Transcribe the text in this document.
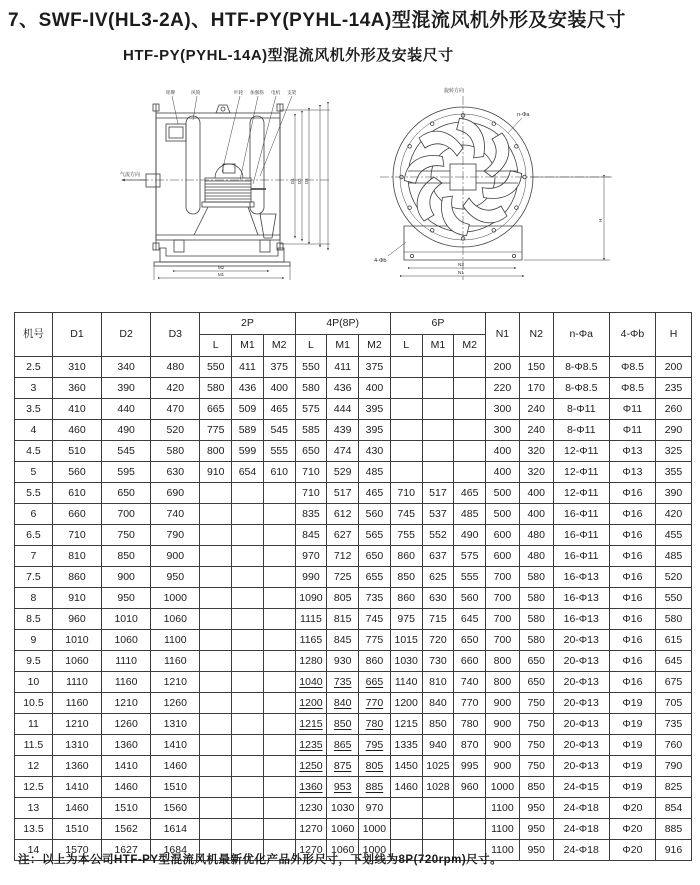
7、SWF-IV(HL3-2A)、HTF-PY(PYHL-14A)型混流风机外形及安装尺寸
HTF-PY(PYHL-14A)型混流风机外形及安装尺寸
铭牌	风筒	叶轮 加强筋 电机 支架
气流方向
D1 D2 D3
M2
M1
旋转方向
n-Φa
4-Φb
N2
N1
H
机号	D1	D2	D3	2P			4P(8P)			6P			N1	N2	n-Φa	4-Φb	H
				L	M1	M2	L	M1	M2	L	M1	M2					
2.5	310	340	480	550	411	375	550	411	375				200	150	8-Φ8.5	Φ8.5	200
3	360	390	420	580	436	400	580	436	400				220	170	8-Φ8.5	Φ8.5	235
3.5	410	440	470	665	509	465	575	444	395				300	240	8-Φ11	Φ11	260
4	460	490	520	775	589	545	585	439	395				300	240	8-Φ11	Φ11	290
4.5	510	545	580	800	599	555	650	474	430				400	320	12-Φ11	Φ13	325
5	560	595	630	910	654	610	710	529	485				400	320	12-Φ11	Φ13	355
5.5	610	650	690				710	517	465	710	517	465	500	400	12-Φ11	Φ16	390
6	660	700	740				835	612	560	745	537	485	500	400	16-Φ11	Φ16	420
6.5	710	750	790				845	627	565	755	552	490	600	480	16-Φ11	Φ16	455
7	810	850	900				970	712	650	860	637	575	600	480	16-Φ11	Φ16	485
7.5	860	900	950				990	725	655	850	625	555	700	580	16-Φ13	Φ16	520
8	910	950	1000				1090	805	735	860	630	560	700	580	16-Φ13	Φ16	550
8.5	960	1010	1060				1115	815	745	975	715	645	700	580	16-Φ13	Φ16	580
9	1010	1060	1100				1165	845	775	1015	720	650	700	580	20-Φ13	Φ16	615
9.5	1060	1110	1160				1280	930	860	1030	730	660	800	650	20-Φ13	Φ16	645
10	1110	1160	1210				1040	735	665	1140	810	740	800	650	20-Φ13	Φ16	675
10.5	1160	1210	1260				1200	840	770	1200	840	770	900	750	20-Φ13	Φ19	705
11	1210	1260	1310				1215	850	780	1215	850	780	900	750	20-Φ13	Φ19	735
11.5	1310	1360	1410				1235	865	795	1335	940	870	900	750	20-Φ13	Φ19	760
12	1360	1410	1460				1250	875	805	1450	1025	995	900	750	20-Φ13	Φ19	790
12.5	1410	1460	1510				1360	953	885	1460	1028	960	1000	850	24-Φ15	Φ19	825
13	1460	1510	1560				1230	1030	970				1100	950	24-Φ18	Φ20	854
13.5	1510	1562	1614				1270	1060	1000				1100	950	24-Φ18	Φ20	885
14	1570	1627	1684				1270	1060	1000				1100	950	24-Φ18	Φ20	916
注：以上为本公司HTF-PY型混流风机最新优化产品外形尺寸，下划线为8P(720rpm)尺寸。
